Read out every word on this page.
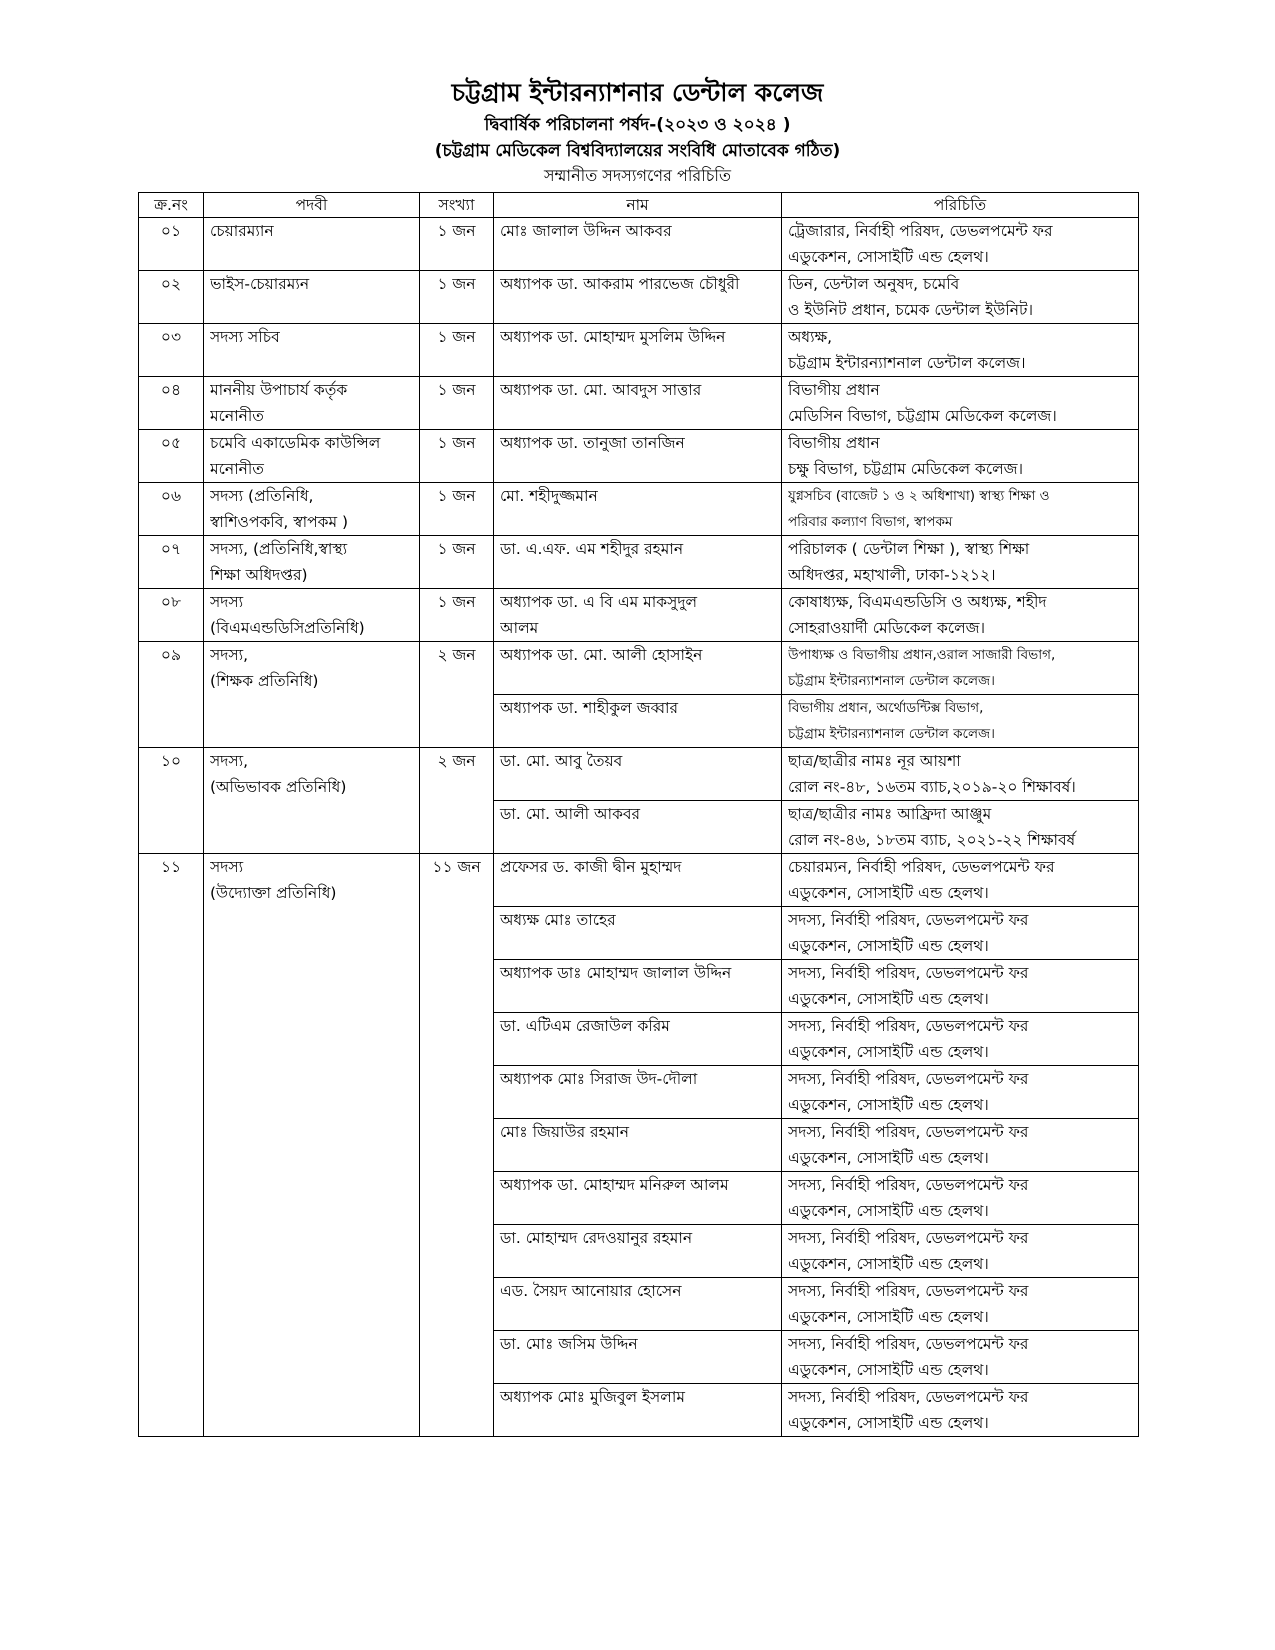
চট্টগ্রাম ইন্টারন্যাশনার ডেন্টাল কলেজ
দ্বিবার্ষিক পরিচালনা পর্ষদ-(২০২৩ ও ২০২৪ )
(চট্টগ্রাম মেডিকেল বিশ্ববিদ্যালয়ের সংবিধি মোতাবেক গঠিত)
সম্মানীত সদস্যগণের পরিচিতি
ক্র.নং	পদবী	সংখ্যা	নাম	পরিচিতি
০১	চেয়ারম্যান	১ জন	মোঃ জালাল উদ্দিন আকবর	ট্রেজারার, নির্বাহী পরিষদ, ডেভলপমেন্ট ফর
এডুকেশন, সোসাইটি এন্ড হেলথ।

০২	ভাইস-চেয়ারম্যন	১ জন	অধ্যাপক ডা. আকরাম পারভেজ চৌধুরী	ডিন, ডেন্টাল অনুষদ, চমেবি
ও ইউনিট প্রধান, চমেক ডেন্টাল ইউনিট।

০৩	সদস্য সচিব	১ জন	অধ্যাপক ডা. মোহাম্মদ মুসলিম উদ্দিন	অধ্যক্ষ,
চট্টগ্রাম ইন্টারন্যাশনাল ডেন্টাল কলেজ।

০৪	মাননীয় উপাচার্য কর্তৃক
মনোনীত	১ জন	অধ্যাপক ডা. মো. আবদুস সাত্তার	বিভাগীয় প্রধান
মেডিসিন বিভাগ, চট্টগ্রাম মেডিকেল কলেজ।

০৫	চমেবি একাডেমিক কাউন্সিল
মনোনীত	১ জন	অধ্যাপক ডা. তানুজা তানজিন	বিভাগীয় প্রধান
চক্ষু বিভাগ, চট্টগ্রাম মেডিকেল কলেজ।

০৬	সদস্য (প্রতিনিধি,
স্বাশিওপকবি, স্বাপকম )	১ জন	মো. শহীদুজ্জমান	যুগ্নসচিব (বাজেট ১ ও ২ অধিশাখা) স্বাস্থ্য শিক্ষা ও
পরিবার কল্যাণ বিভাগ, স্বাপকম

০৭	সদস্য, (প্রতিনিধি,স্বাস্থ্য
শিক্ষা অধিদপ্তর)	১ জন	ডা. এ.এফ. এম শহীদুর রহমান	পরিচালক ( ডেন্টাল শিক্ষা ), স্বাস্থ্য শিক্ষা
অধিদপ্তর, মহাখালী, ঢাকা-১২১২।

০৮	সদস্য
(বিএমএন্ডডিসিপ্রতিনিধি)	১ জন	অধ্যাপক ডা. এ বি এম মাকসুদুল
আলম	কোষাধ্যক্ষ, বিএমএন্ডডিসি ও অধ্যক্ষ, শহীদ
সোহরাওয়ার্দী মেডিকেল কলেজ।

০৯	সদস্য,
(শিক্ষক প্রতিনিধি)	২ জন	অধ্যাপক ডা. মো. আলী হোসাইন	উপাধ্যক্ষ ও বিভাগীয় প্রধান,ওরাল সাজারী বিভাগ,
চট্টগ্রাম ইন্টারন্যাশনাল ডেন্টাল কলেজ।

			অধ্যাপক ডা. শাহীকুল জব্বার	বিভাগীয় প্রধান, অর্থোডন্টিক্স বিভাগ,
চট্টগ্রাম ইন্টারন্যাশনাল ডেন্টাল কলেজ।

১০	সদস্য,
(অভিভাবক প্রতিনিধি)	২ জন	ডা. মো. আবু তৈয়ব	ছাত্র/ছাত্রীর নামঃ নূর আয়শা
রোল নং-৪৮, ১৬তম ব্যাচ,২০১৯-২০ শিক্ষাবর্ষ।

			ডা. মো. আলী আকবর	ছাত্র/ছাত্রীর নামঃ আফ্রিদা আঞ্জুম
রোল নং-৪৬, ১৮তম ব্যাচ, ২০২১-২২ শিক্ষাবর্ষ

১১	সদস্য
(উদ্যোক্তা প্রতিনিধি)	১১ জন	প্রফেসর ড. কাজী দ্বীন মুহাম্মদ	চেয়ারম্যন, নির্বাহী পরিষদ, ডেভলপমেন্ট ফর
এডুকেশন, সোসাইটি এন্ড হেলথ।

			অধ্যক্ষ মোঃ তাহের	সদস্য, নির্বাহী পরিষদ, ডেভলপমেন্ট ফর
এডুকেশন, সোসাইটি এন্ড হেলথ।

			অধ্যাপক ডাঃ মোহাম্মদ জালাল উদ্দিন	সদস্য, নির্বাহী পরিষদ, ডেভলপমেন্ট ফর
এডুকেশন, সোসাইটি এন্ড হেলথ।

			ডা. এটিএম রেজাউল করিম	সদস্য, নির্বাহী পরিষদ, ডেভলপমেন্ট ফর
এডুকেশন, সোসাইটি এন্ড হেলথ।

			অধ্যাপক মোঃ সিরাজ উদ-দৌলা	সদস্য, নির্বাহী পরিষদ, ডেভলপমেন্ট ফর
এডুকেশন, সোসাইটি এন্ড হেলথ।

			মোঃ জিয়াউর রহমান	সদস্য, নির্বাহী পরিষদ, ডেভলপমেন্ট ফর
এডুকেশন, সোসাইটি এন্ড হেলথ।

			অধ্যাপক ডা. মোহাম্মদ মনিরুল আলম	সদস্য, নির্বাহী পরিষদ, ডেভলপমেন্ট ফর
এডুকেশন, সোসাইটি এন্ড হেলথ।

			ডা. মোহাম্মদ রেদওয়ানুর রহমান	সদস্য, নির্বাহী পরিষদ, ডেভলপমেন্ট ফর
এডুকেশন, সোসাইটি এন্ড হেলথ।

			এড. সৈয়দ আনোয়ার হোসেন	সদস্য, নির্বাহী পরিষদ, ডেভলপমেন্ট ফর
এডুকেশন, সোসাইটি এন্ড হেলথ।

			ডা. মোঃ জসিম উদ্দিন	সদস্য, নির্বাহী পরিষদ, ডেভলপমেন্ট ফর
এডুকেশন, সোসাইটি এন্ড হেলথ।

			অধ্যাপক মোঃ মুজিবুল ইসলাম	সদস্য, নির্বাহী পরিষদ, ডেভলপমেন্ট ফর
এডুকেশন, সোসাইটি এন্ড হেলথ।
